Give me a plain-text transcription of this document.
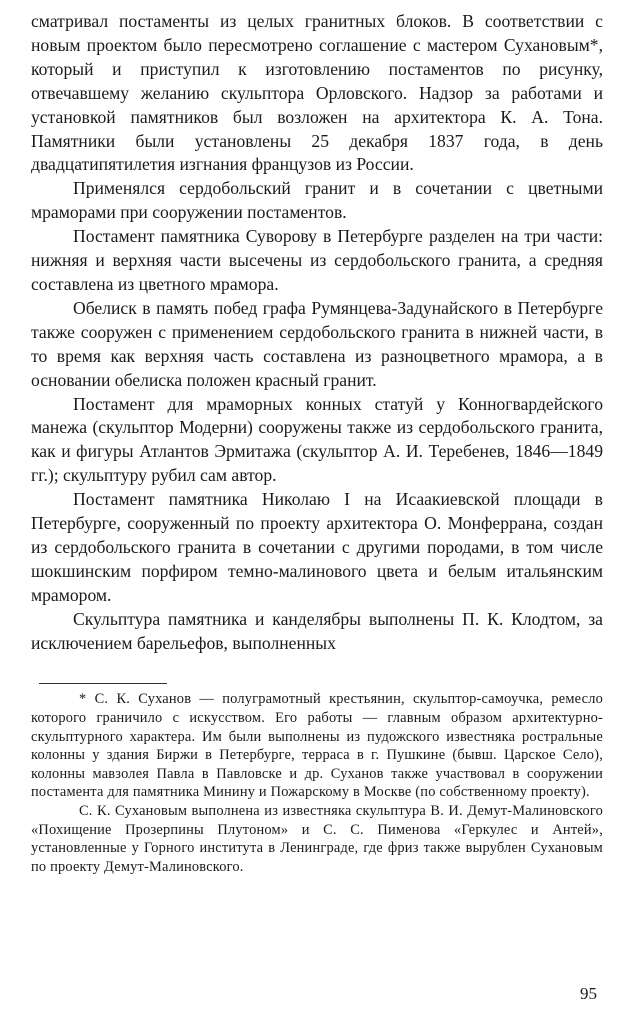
сматривал постаменты из целых гранитных блоков. В соответствии с новым проектом было пересмотрено соглашение с мастером Сухановым*, который и приступил к изготовлению постаментов по рисунку, отвечавшему желанию скульптора Орловского. Надзор за работами и установкой памятников был возложен на архитектора К. А. Тона. Памятники были установлены 25 декабря 1837 года, в день двадцатипятилетия изгнания французов из России.

Применялся сердобольский гранит и в сочетании с цветными мраморами при сооружении постаментов.

Постамент памятника Суворову в Петербурге разделен на три части: нижняя и верхняя части высечены из сердобольского гранита, а средняя составлена из цветного мрамора.

Обелиск в память побед графа Румянцева-Задунайского в Петербурге также сооружен с применением сердобольского гранита в нижней части, в то время как верхняя часть составлена из разноцветного мрамора, а в основании обелиска положен красный гранит.

Постамент для мраморных конных статуй у Конногвардейского манежа (скульптор Модерни) сооружены также из сердобольского гранита, как и фигуры Атлантов Эрмитажа (скульптор А. И. Теребенев, 1846—1849 гг.); скульптуру рубил сам автор.

Постамент памятника Николаю I на Исаакиевской площади в Петербурге, сооруженный по проекту архитектора О. Монферрана, создан из сердобольского гранита в сочетании с другими породами, в том числе шокшинским порфиром темно-малинового цвета и белым итальянским мрамором.

Скульптура памятника и канделябры выполнены П. К. Клодтом, за исключением барельефов, выполненных

* С. К. Суханов — полуграмотный крестьянин, скульптор-самоучка, ремесло которого граничило с искусством. Его работы — главным образом архитектурно-скульптурного характера. Им были выполнены из пудожского известняка ростральные колонны у здания Биржи в Петербурге, терраса в г. Пушкине (бывш. Царское Село), колонны мавзолея Павла в Павловске и др. Суханов также участвовал в сооружении постамента для памятника Минину и Пожарскому в Москве (по собственному проекту).

С. К. Сухановым выполнена из известняка скульптура В. И. Демут-Малиновского «Похищение Прозерпины Плутоном» и С. С. Пименова «Геркулес и Антей», установленные у Горного института в Ленинграде, где фриз также вырублен Сухановым по проекту Демут-Малиновского.

95
